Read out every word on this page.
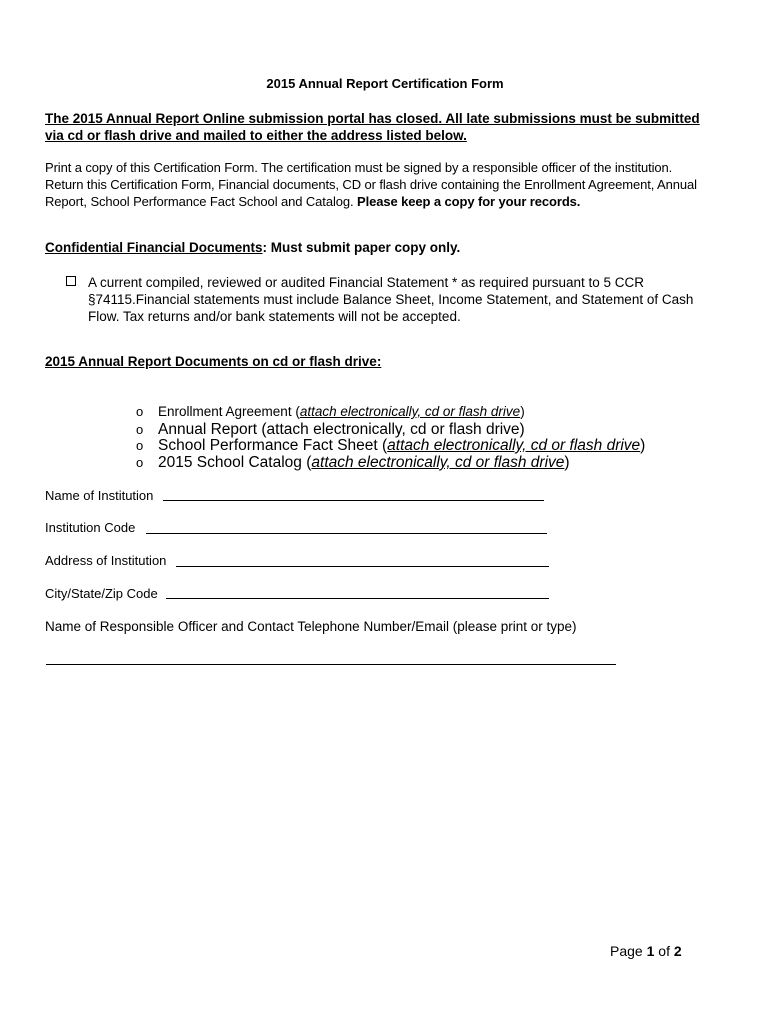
2015 Annual Report Certification Form
The 2015 Annual Report Online submission portal has closed. All late submissions must be submitted
via cd or flash drive and mailed to either the address listed below.
Print a copy of this Certification Form. The certification must be signed by a responsible officer of the institution.
Return this Certification Form, Financial documents, CD or flash drive containing the Enrollment Agreement, Annual
Report, School Performance Fact School and Catalog. Please keep a copy for your records.
Confidential Financial Documents: Must submit paper copy only.
A current compiled, reviewed or audited Financial Statement * as required pursuant to 5 CCR
§74115.Financial statements must include Balance Sheet, Income Statement, and Statement of Cash
Flow. Tax returns and/or bank statements will not be accepted.
2015 Annual Report Documents on cd or flash drive:
o Enrollment Agreement (attach electronically, cd or flash drive)
o Annual Report (attach electronically, cd or flash drive)
o School Performance Fact Sheet (attach electronically, cd or flash drive)
o 2015 School Catalog (attach electronically, cd or flash drive)
Name of Institution
Institution Code
Address of Institution
City/State/Zip Code
Name of Responsible Officer and Contact Telephone Number/Email (please print or type)
Page 1 of 2
